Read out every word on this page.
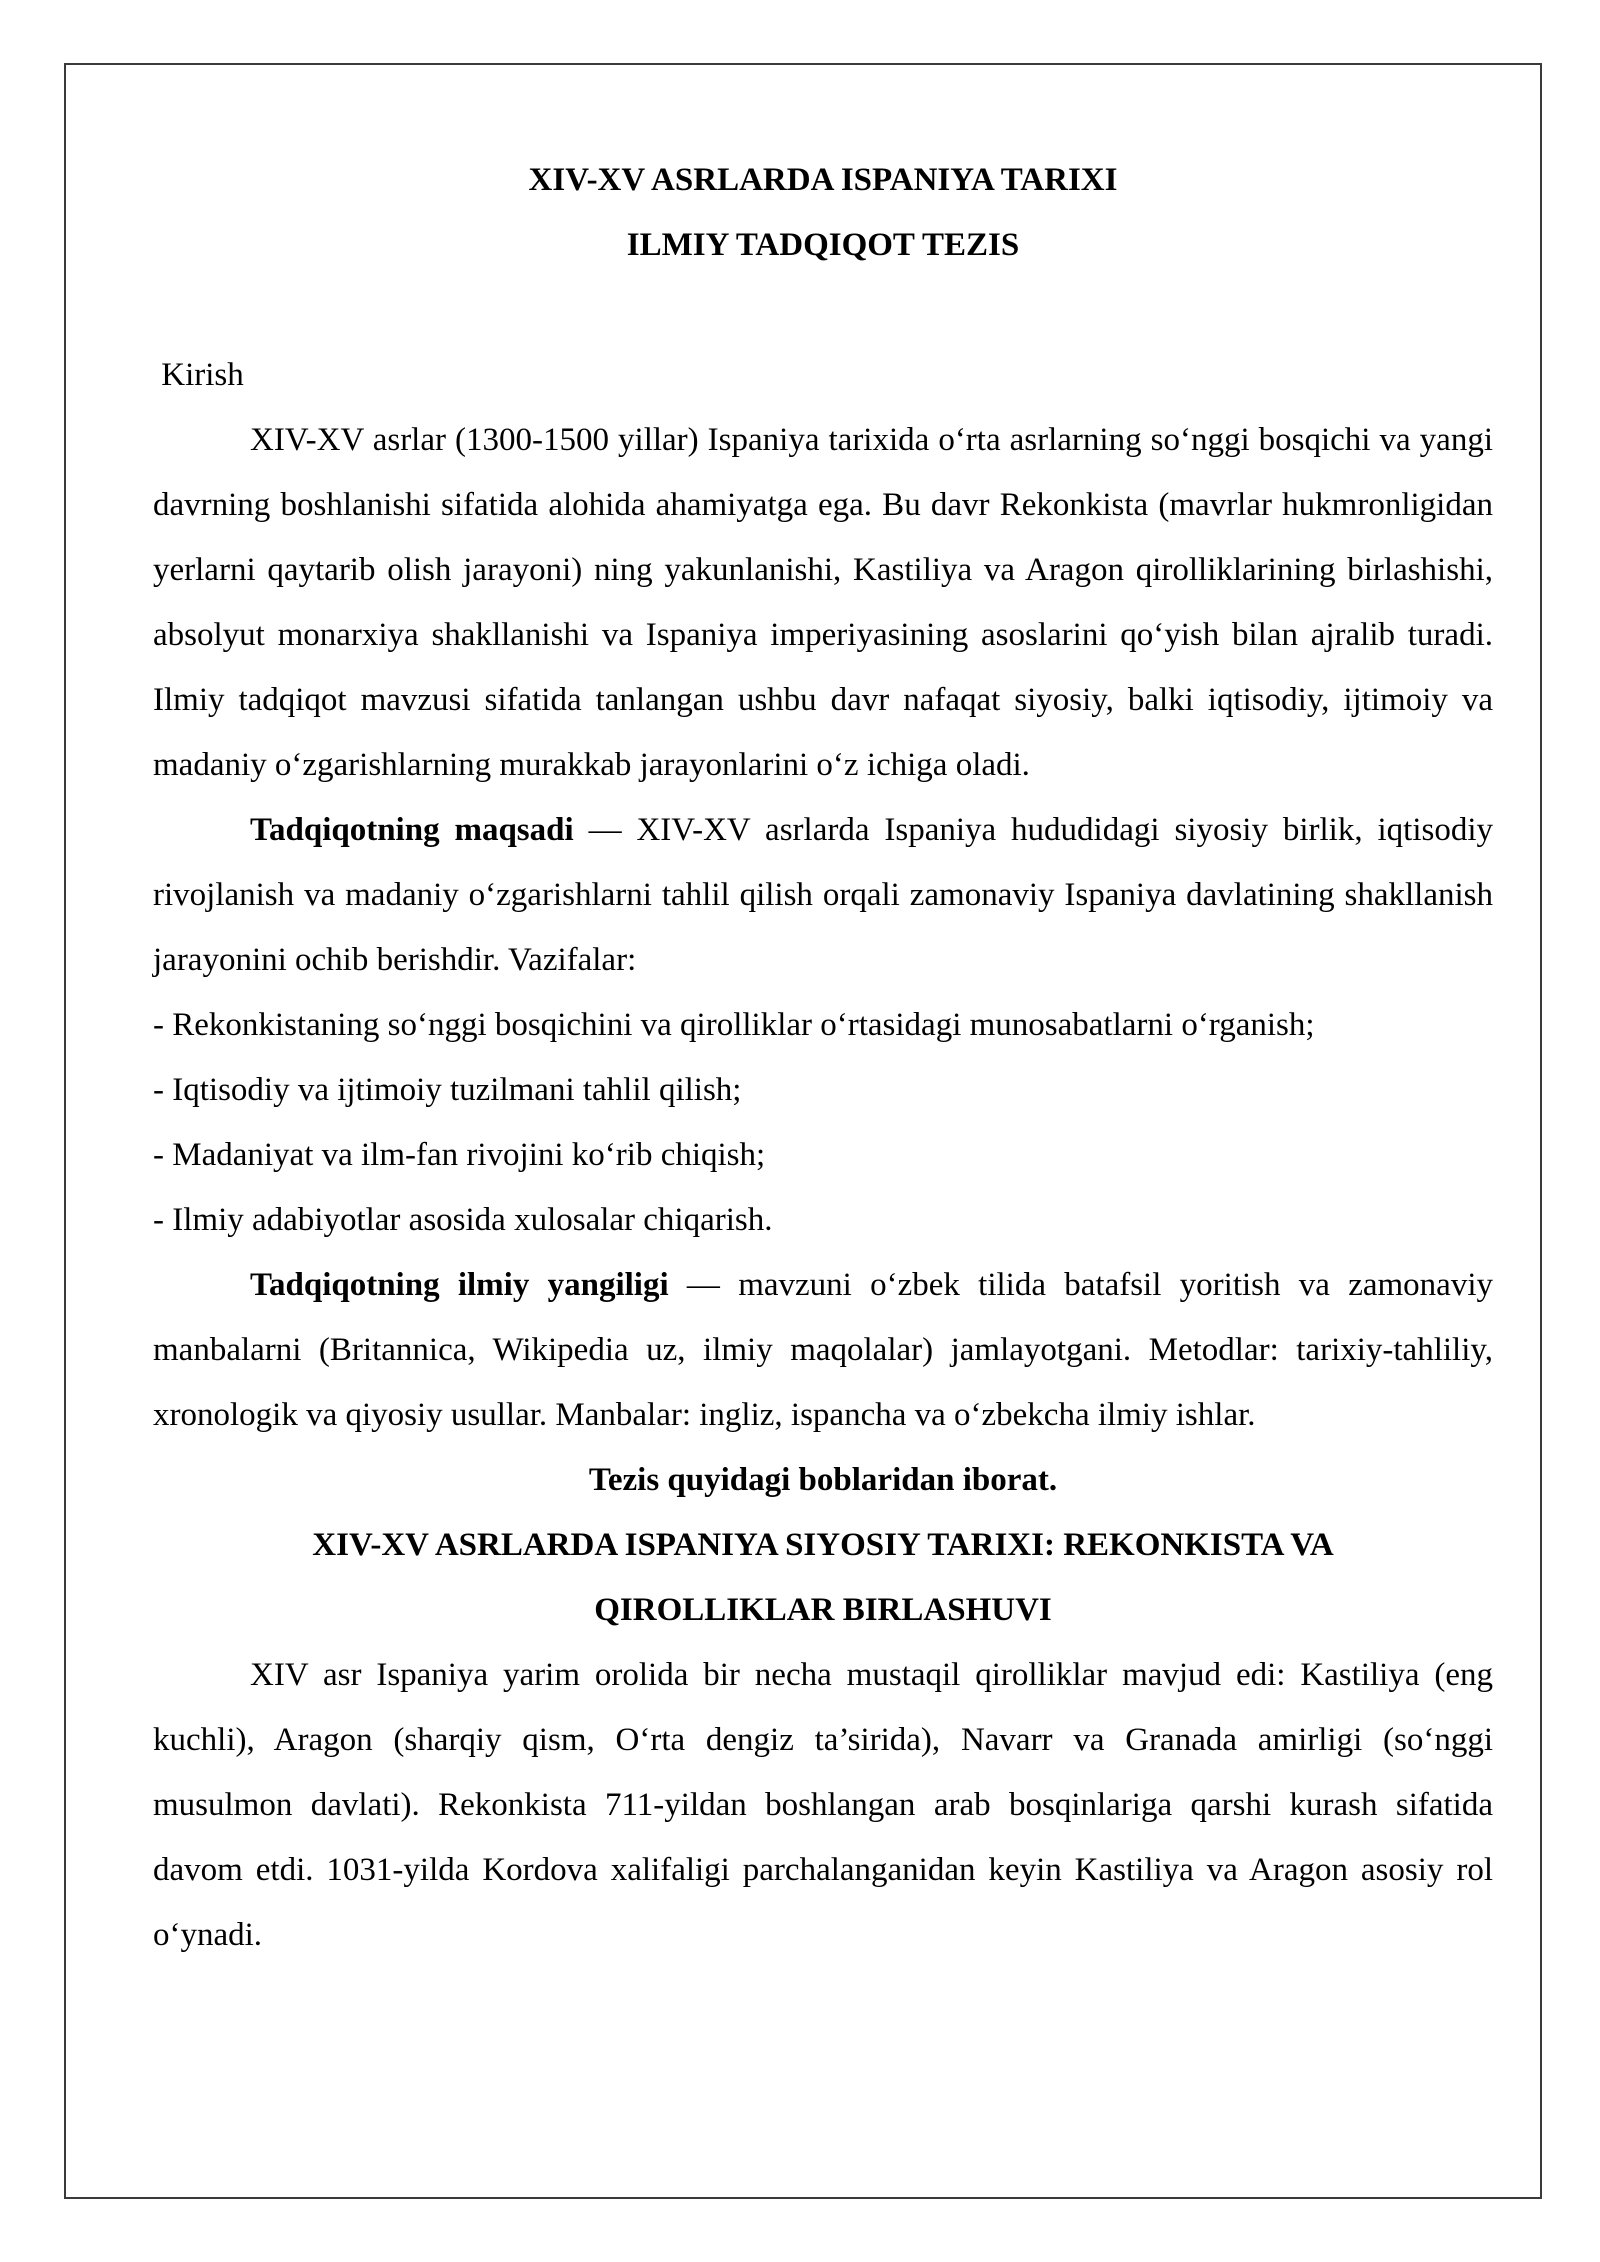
XIV-XV ASRLARDA ISPANIYA TARIXI

ILMIY TADQIQOT TEZIS

Kirish

XIV-XV asrlar (1300-1500 yillar) Ispaniya tarixida o‘rta asrlarning so‘nggi bosqichi va yangi davrning boshlanishi sifatida alohida ahamiyatga ega. Bu davr Rekonkista (mavrlar hukmronligidan yerlarni qaytarib olish jarayoni) ning yakunlanishi, Kastiliya va Aragon qirolliklarining birlashishi, absolyut monarxiya shakllanishi va Ispaniya imperiyasining asoslarini qo‘yish bilan ajralib turadi. Ilmiy tadqiqot mavzusi sifatida tanlangan ushbu davr nafaqat siyosiy, balki iqtisodiy, ijtimoiy va madaniy o‘zgarishlarning murakkab jarayonlarini o‘z ichiga oladi.

Tadqiqotning maqsadi — XIV-XV asrlarda Ispaniya hududidagi siyosiy birlik, iqtisodiy rivojlanish va madaniy o‘zgarishlarni tahlil qilish orqali zamonaviy Ispaniya davlatining shakllanish jarayonini ochib berishdir. Vazifalar:

- Rekonkistaning so‘nggi bosqichini va qirolliklar o‘rtasidagi munosabatlarni o‘rganish;

- Iqtisodiy va ijtimoiy tuzilmani tahlil qilish;

- Madaniyat va ilm-fan rivojini ko‘rib chiqish;

- Ilmiy adabiyotlar asosida xulosalar chiqarish.

Tadqiqotning ilmiy yangiligi — mavzuni o‘zbek tilida batafsil yoritish va zamonaviy manbalarni (Britannica, Wikipedia uz, ilmiy maqolalar) jamlayotgani. Metodlar: tarixiy-tahliliy, xronologik va qiyosiy usullar. Manbalar: ingliz, ispancha va o‘zbekcha ilmiy ishlar.

Tezis quyidagi boblaridan iborat.

XIV-XV ASRLARDA ISPANIYA SIYOSIY TARIXI: REKONKISTA VA

QIROLLIKLAR BIRLASHUVI

XIV asr Ispaniya yarim orolida bir necha mustaqil qirolliklar mavjud edi: Kastiliya (eng kuchli), Aragon (sharqiy qism, O‘rta dengiz ta’sirida), Navarr va Granada amirligi (so‘nggi musulmon davlati). Rekonkista 711-yildan boshlangan arab bosqinlariga qarshi kurash sifatida davom etdi. 1031-yilda Kordova xalifaligi parchalanganidan keyin Kastiliya va Aragon asosiy rol o‘ynadi.
